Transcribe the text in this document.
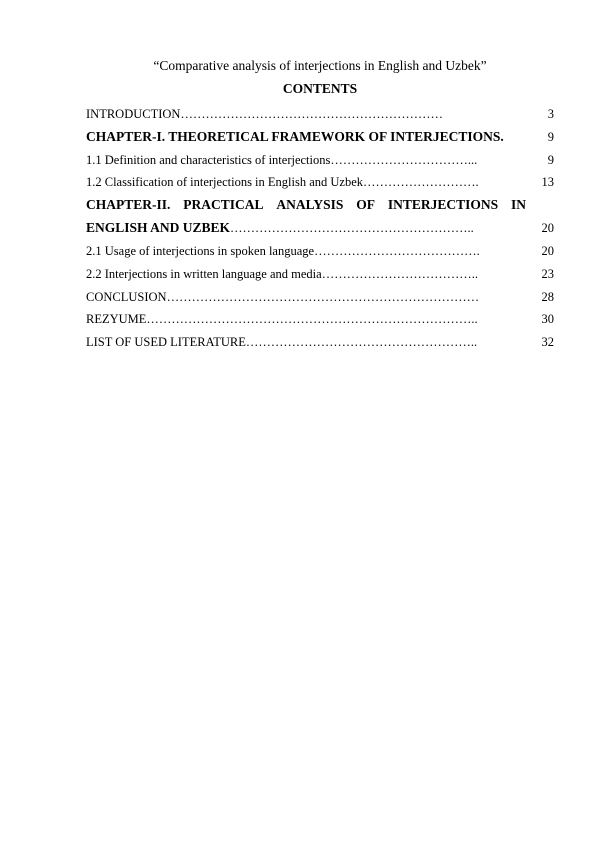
“Comparative analysis of interjections in English and Uzbek”
CONTENTS
INTRODUCTION………………………………………………………	3
CHAPTER-I. THEORETICAL FRAMEWORK OF INTERJECTIONS.	9
1.1 Definition and characteristics of interjections……………………………...	9
1.2 Classification of interjections in English and Uzbek……………………….	13
CHAPTER-II. PRACTICAL ANALYSIS OF INTERJECTIONS IN
ENGLISH AND UZBEK…………………………………………………..	20
2.1 Usage of interjections in spoken language………………………………….	20
2.2 Interjections in written language and media………………………………..	23
CONCLUSION…………………………………………………………………	28
REZYUME……………………………………………………………………..	30
LIST OF USED LITERATURE………………………………………………..	32
